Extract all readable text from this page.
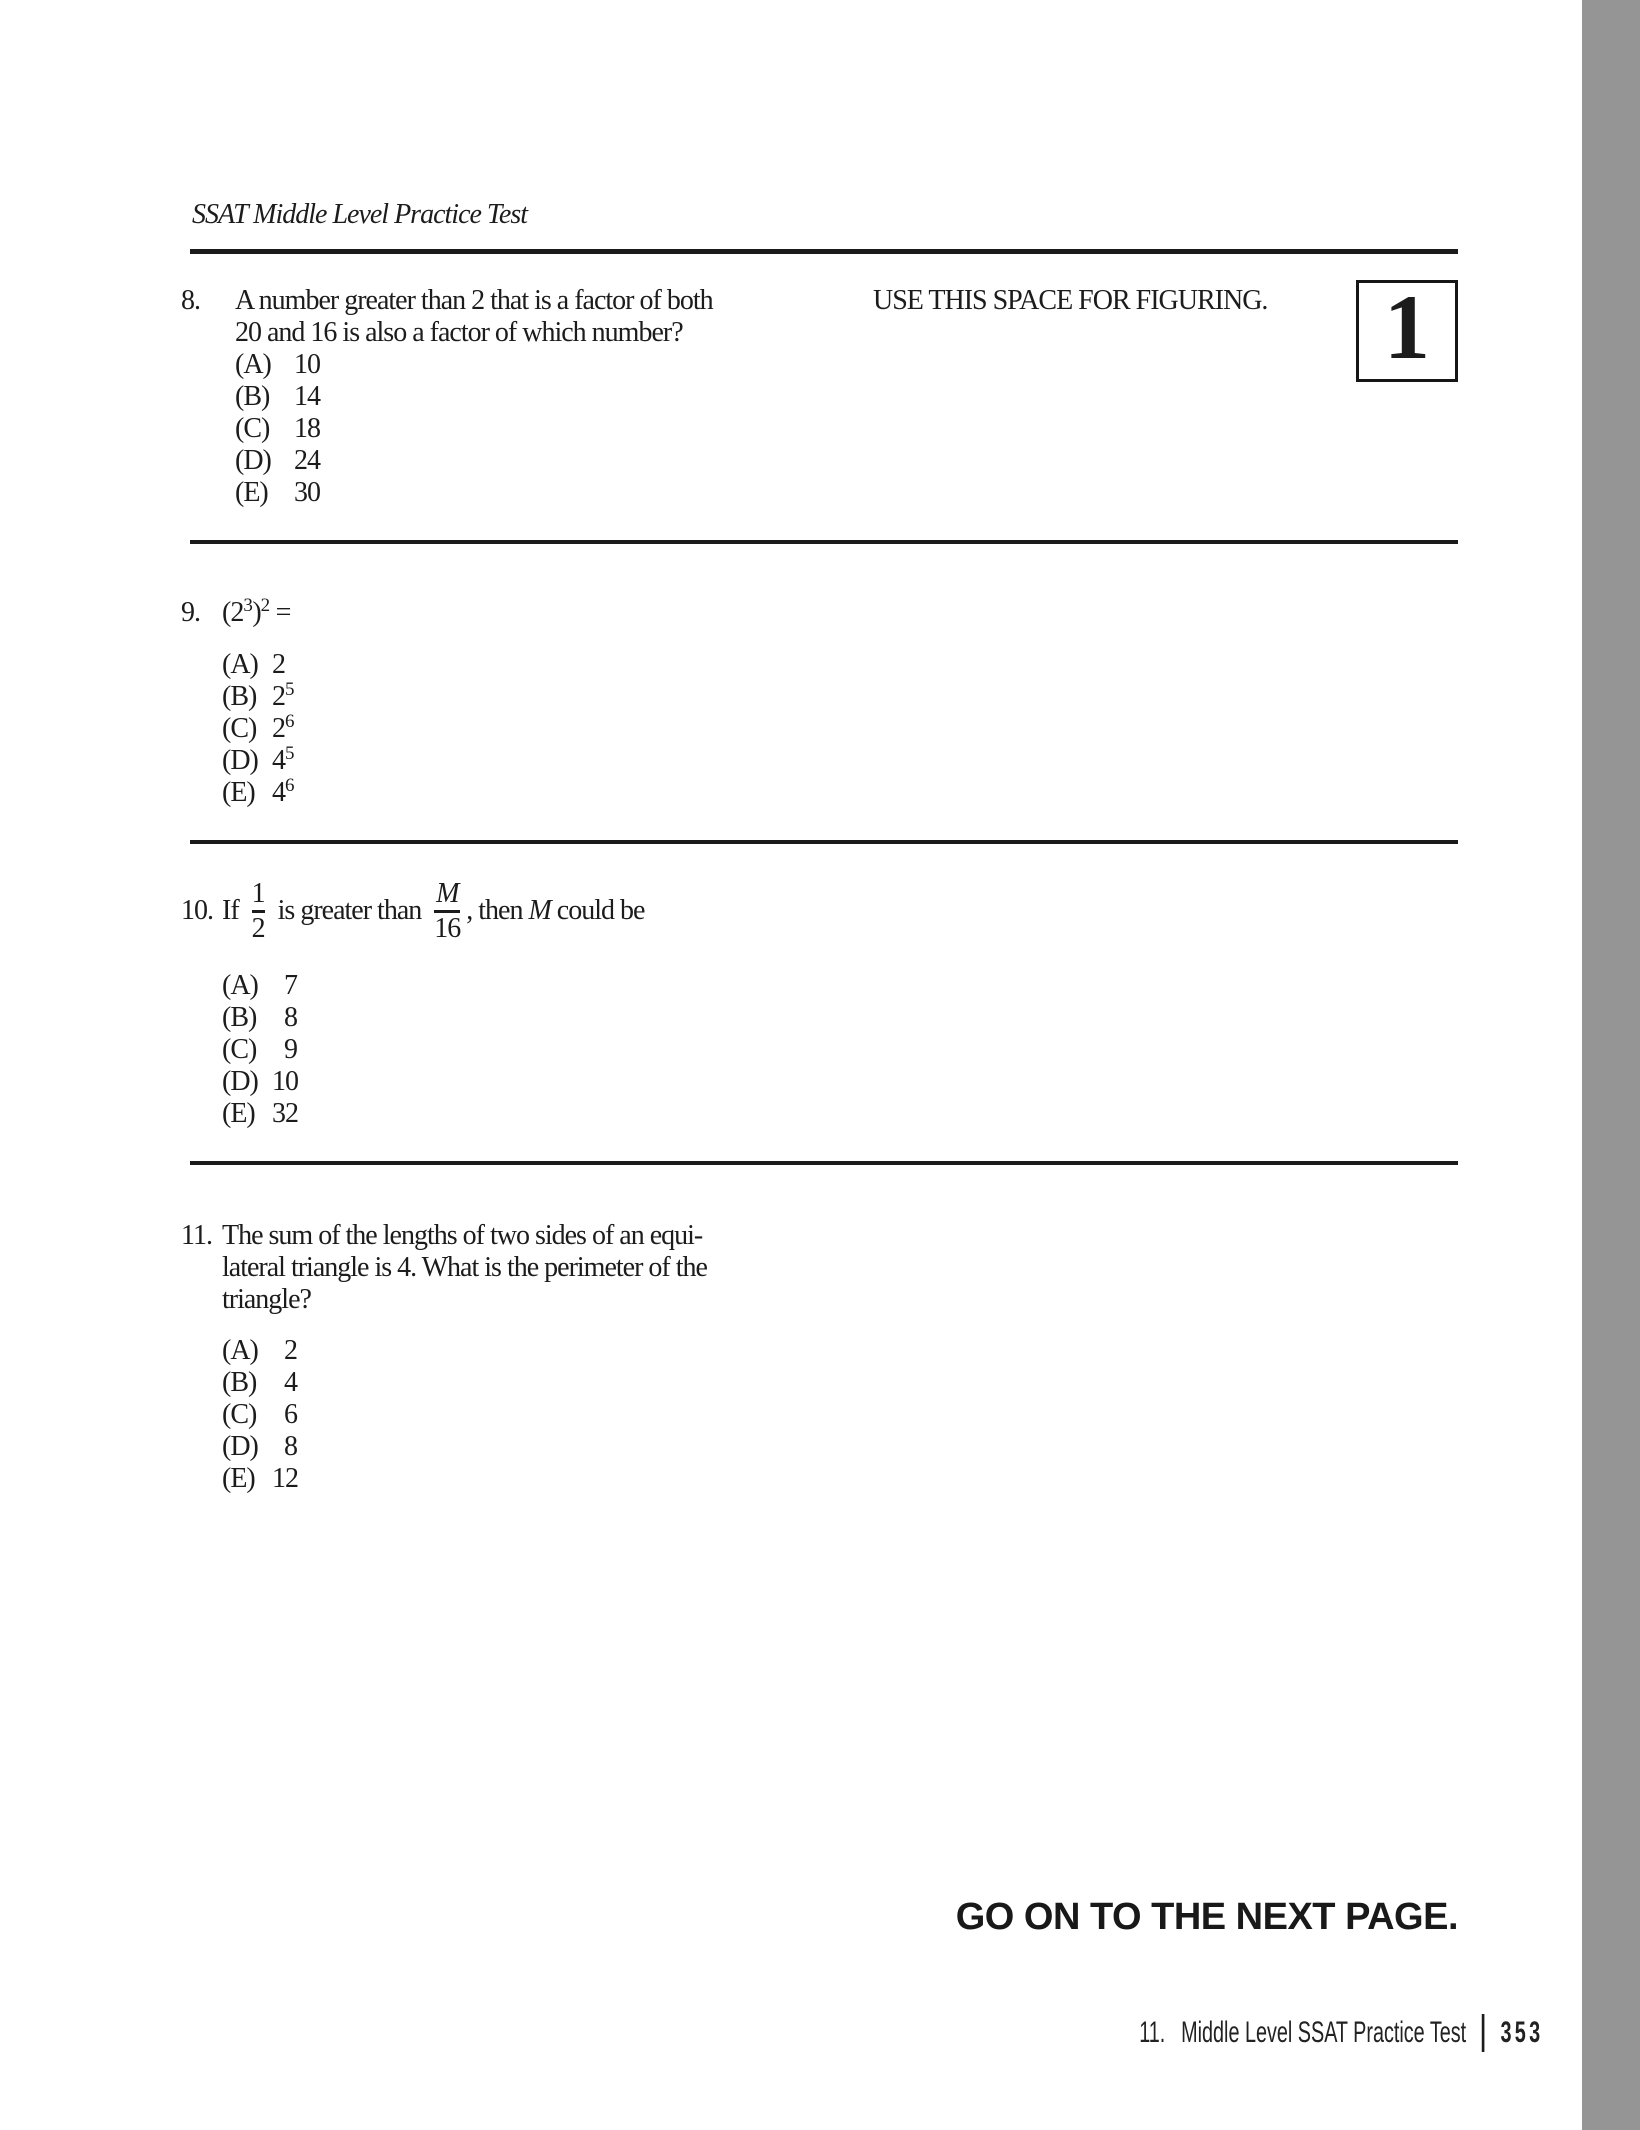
SSAT Middle Level Practice Test
USE THIS SPACE FOR FIGURING. 1
8.	A number greater than 2 that is a factor of both
20 and 16 is also a factor of which number?
(A) 10
(B) 14
(C) 18
(D) 24
(E) 30
9. $(2^3)^2$ =
(A) 2
(B) $2^5$
(C) $2^6$
(D) $4^5$
(E) $4^6$
10. If $\frac{1}{2}$ is greater than $\frac{M}{16}$ , then M could be
(A) 7
(B) 8
(C) 9
(D) 10
(E) 32
11. The sum of the lengths of two sides of an equi-
lateral triangle is 4. What is the perimeter of the
triangle?
(A) 2
(B) 4
(C) 6
(D) 8
(E) 12
GO ON TO THE NEXT PAGE.
11. Middle Level SSAT Practice Test 353
